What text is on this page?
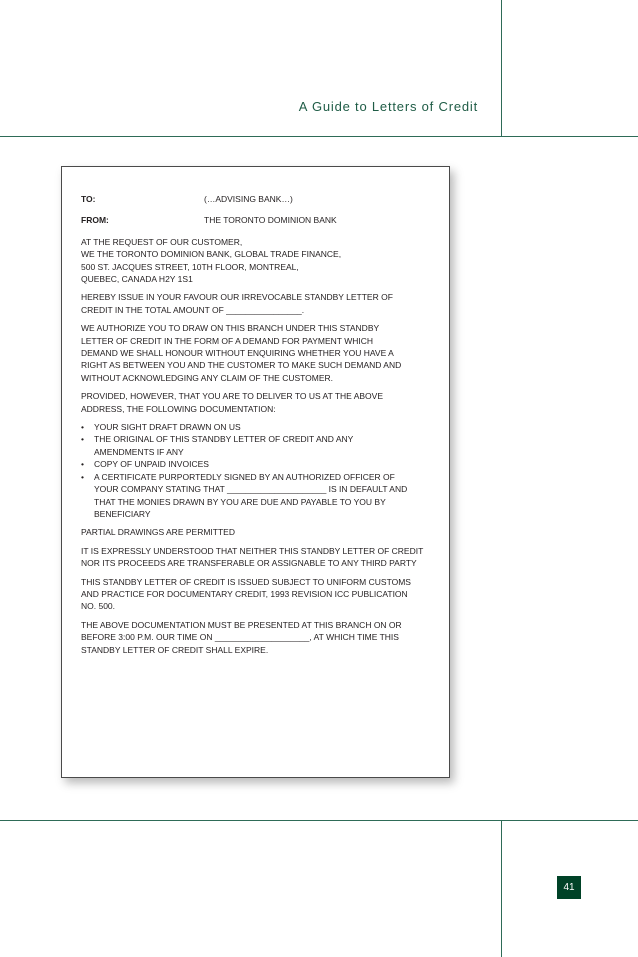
A Guide to Letters of Credit
TO:	(…ADVISING BANK…)
FROM:	THE TORONTO DOMINION BANK
AT THE REQUEST OF OUR CUSTOMER,
WE THE TORONTO DOMINION BANK, GLOBAL TRADE FINANCE,
500 ST. JACQUES STREET, 10TH FLOOR, MONTREAL,
QUEBEC, CANADA H2Y 1S1
HEREBY ISSUE IN YOUR FAVOUR OUR IRREVOCABLE STANDBY LETTER OF
CREDIT IN THE TOTAL AMOUNT OF ________________.
WE AUTHORIZE YOU TO DRAW ON THIS BRANCH UNDER THIS STANDBY
LETTER OF CREDIT IN THE FORM OF A DEMAND FOR PAYMENT WHICH
DEMAND WE SHALL HONOUR WITHOUT ENQUIRING WHETHER YOU HAVE A
RIGHT AS BETWEEN YOU AND THE CUSTOMER TO MAKE SUCH DEMAND AND
WITHOUT ACKNOWLEDGING ANY CLAIM OF THE CUSTOMER.
PROVIDED, HOWEVER, THAT YOU ARE TO DELIVER TO US AT THE ABOVE
ADDRESS, THE FOLLOWING DOCUMENTATION:
• YOUR SIGHT DRAFT DRAWN ON US
• THE ORIGINAL OF THIS STANDBY LETTER OF CREDIT AND ANY
AMENDMENTS IF ANY
• COPY OF UNPAID INVOICES
• A CERTIFICATE PURPORTEDLY SIGNED BY AN AUTHORIZED OFFICER OF
YOUR COMPANY STATING THAT _____________________ IS IN DEFAULT AND
THAT THE MONIES DRAWN BY YOU ARE DUE AND PAYABLE TO YOU BY
BENEFICIARY
PARTIAL DRAWINGS ARE PERMITTED
IT IS EXPRESSLY UNDERSTOOD THAT NEITHER THIS STANDBY LETTER OF CREDIT
NOR ITS PROCEEDS ARE TRANSFERABLE OR ASSIGNABLE TO ANY THIRD PARTY
THIS STANDBY LETTER OF CREDIT IS ISSUED SUBJECT TO UNIFORM CUSTOMS
AND PRACTICE FOR DOCUMENTARY CREDIT, 1993 REVISION ICC PUBLICATION
NO. 500.
THE ABOVE DOCUMENTATION MUST BE PRESENTED AT THIS BRANCH ON OR
BEFORE 3:00 P.M. OUR TIME ON ____________________, AT WHICH TIME THIS
STANDBY LETTER OF CREDIT SHALL EXPIRE.
41
